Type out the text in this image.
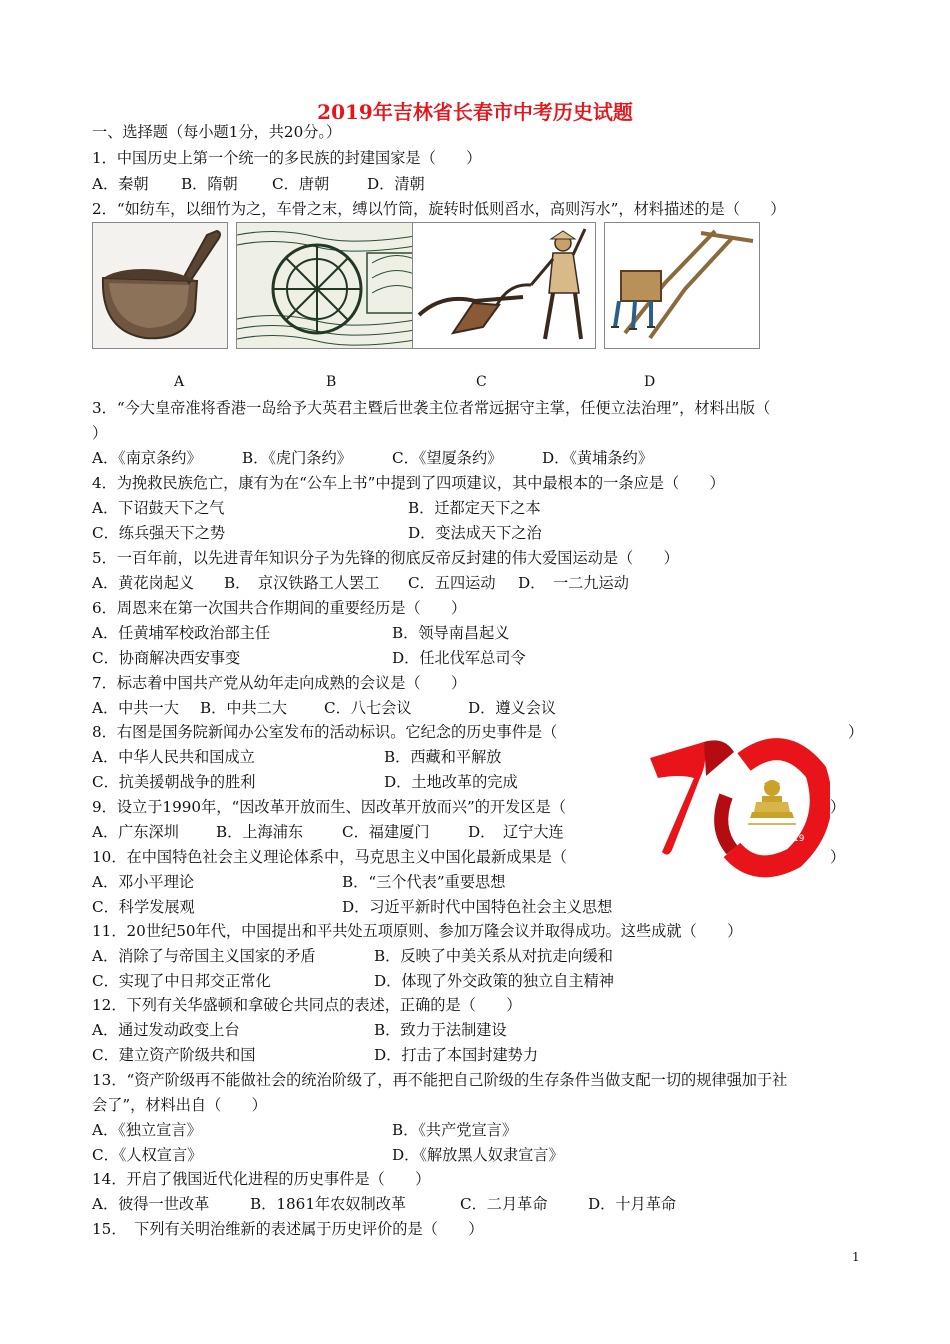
2019年吉林省长春市中考历史试题
一、选择题（每小题1分，共20分。）
1．中国历史上第一个统一的多民族的封建国家是（　　）
A．秦朝 B．隋朝 C．唐朝 D．清朝
2．“如纺车，以细竹为之，车骨之末，缚以竹筒，旋转时低则舀水，高则泻水”，材料描述的是（　　）
A	B	C	D
3．“今大皇帝准将香港一岛给予大英君主暨后世袭主位者常远据守主掌，任便立法治理”，材料出版（
）
A．《南京条约》	B．《虎门条约》	C．《望厦条约》	D．《黄埔条约》
4．为挽救民族危亡，康有为在“公车上书”中提到了四项建议，其中最根本的一条应是（　　）
A．下诏鼓天下之气	B．迁都定天下之本
C．练兵强天下之势	D．变法成天下之治
5．一百年前，以先进青年知识分子为先锋的彻底反帝反封建的伟大爱国运动是（　　）
A．黄花岗起义 B．　京汉铁路工人罢工 C．五四运动 D．　一二九运动
6．周恩来在第一次国共合作期间的重要经历是（　　）
A．任黄埔军校政治部主任	B．领导南昌起义
C．协商解决西安事变	D．任北伐军总司令
7．标志着中国共产党从幼年走向成熟的会议是（　　）
A．中共一大 B．中共二大 C．八七会议	D．遵义会议
8．右图是国务院新闻办公室发布的活动标识。它纪念的历史事件是（	）
A．中华人民共和国成立	B．西藏和平解放
C．抗美援朝战争的胜利	D．土地改革的完成
9．设立于1990年，“因改革开放而生、因改革开放而兴”的开发区是（	）
A．广东深圳 B．上海浦东	C．福建厦门	D．　辽宁大连
10．在中国特色社会主义理论体系中，马克思主义中国化最新成果是（	）
A．邓小平理论	B．“三个代表”重要思想
C．科学发展观	D．习近平新时代中国特色社会主义思想
1949 — 2019
11．20世纪50年代，中国提出和平共处五项原则、参加万隆会议并取得成功。这些成就（　　）
A．消除了与帝国主义国家的矛盾	B．反映了中美关系从对抗走向缓和
C．实现了中日邦交正常化	D．体现了外交政策的独立自主精神
12．下列有关华盛顿和拿破仑共同点的表述，正确的是（　　）
A．通过发动政变上台	B．致力于法制建设
C．建立资产阶级共和国	D．打击了本国封建势力
13．“资产阶级再不能做社会的统治阶级了，再不能把自己阶级的生存条件当做支配一切的规律强加于社
会了”，材料出自（　　）
A．《独立宣言》	B．《共产党宣言》
C．《人权宣言》	D．《解放黑人奴隶宣言》
14．开启了俄国近代化进程的历史事件是（　　）
A．彼得一世改革	B．1861年农奴制改革	C．二月革命	D．十月革命
15．　下列有关明治维新的表述属于历史评价的是（　　）
1
